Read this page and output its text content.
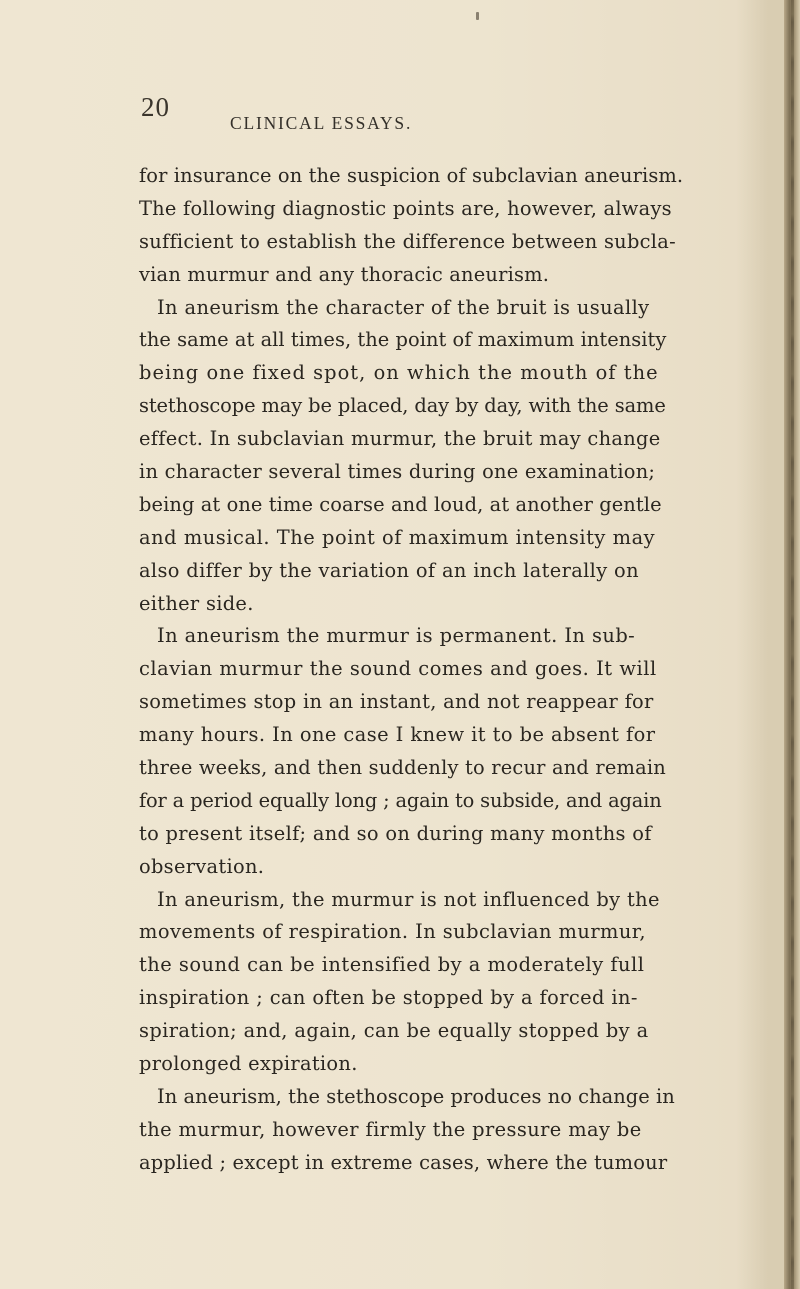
20
CLINICAL ESSAYS.
for insurance on the suspicion of subclavian aneurism.
The following diagnostic points are, however, always
sufficient to establish the difference between subcla-
vian murmur and any thoracic aneurism.
In aneurism the character of the bruit is usually
the same at all times, the point of maximum intensity
being one fixed spot, on which the mouth of the
stethoscope may be placed, day by day, with the same
effect. In subclavian murmur, the bruit may change
in character several times during one examination;
being at one time coarse and loud, at another gentle
and musical. The point of maximum intensity may
also differ by the variation of an inch laterally on
either side.
In aneurism the murmur is permanent. In sub-
clavian murmur the sound comes and goes. It will
sometimes stop in an instant, and not reappear for
many hours. In one case I knew it to be absent for
three weeks, and then suddenly to recur and remain
for a period equally long ; again to subside, and again
to present itself; and so on during many months of
observation.
In aneurism, the murmur is not influenced by the
movements of respiration. In subclavian murmur,
the sound can be intensified by a moderately full
inspiration ; can often be stopped by a forced in-
spiration; and, again, can be equally stopped by a
prolonged expiration.
In aneurism, the stethoscope produces no change in
the murmur, however firmly the pressure may be
applied ; except in extreme cases, where the tumour
